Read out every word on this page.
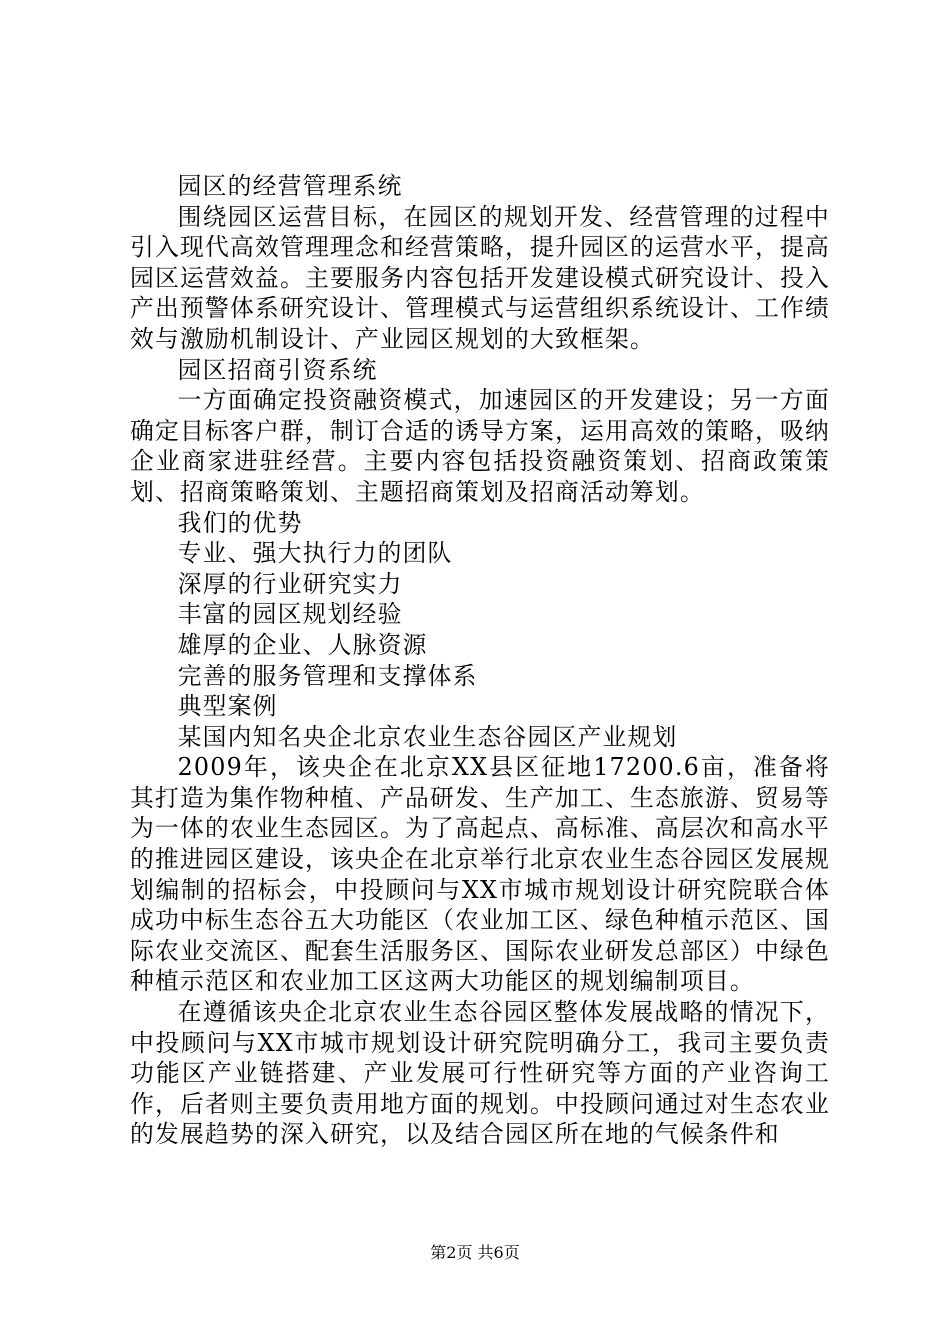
园区的经营管理系统

围绕园区运营目标，在园区的规划开发、经营管理的过程中引入现代高效管理理念和经营策略，提升园区的运营水平，提高园区运营效益。主要服务内容包括开发建设模式研究设计、投入产出预警体系研究设计、管理模式与运营组织系统设计、工作绩效与激励机制设计、产业园区规划的大致框架。

园区招商引资系统

一方面确定投资融资模式，加速园区的开发建设；另一方面确定目标客户群，制订合适的诱导方案，运用高效的策略，吸纳企业商家进驻经营。主要内容包括投资融资策划、招商政策策划、招商策略策划、主题招商策划及招商活动筹划。

我们的优势

专业、强大执行力的团队

深厚的行业研究实力

丰富的园区规划经验

雄厚的企业、人脉资源

完善的服务管理和支撑体系

典型案例

某国内知名央企北京农业生态谷园区产业规划

2009年，该央企在北京XX县区征地17200.6亩，准备将其打造为集作物种植、产品研发、生产加工、生态旅游、贸易等为一体的农业生态园区。为了高起点、高标准、高层次和高水平的推进园区建设，该央企在北京举行北京农业生态谷园区发展规划编制的招标会，中投顾问与XX市城市规划设计研究院联合体成功中标生态谷五大功能区（农业加工区、绿色种植示范区、国际农业交流区、配套生活服务区、国际农业研发总部区）中绿色种植示范区和农业加工区这两大功能区的规划编制项目。

在遵循该央企北京农业生态谷园区整体发展战略的情况下，中投顾问与XX市城市规划设计研究院明确分工，我司主要负责功能区产业链搭建、产业发展可行性研究等方面的产业咨询工作，后者则主要负责用地方面的规划。中投顾问通过对生态农业的发展趋势的深入研究，以及结合园区所在地的气候条件和

第2页 共6页
